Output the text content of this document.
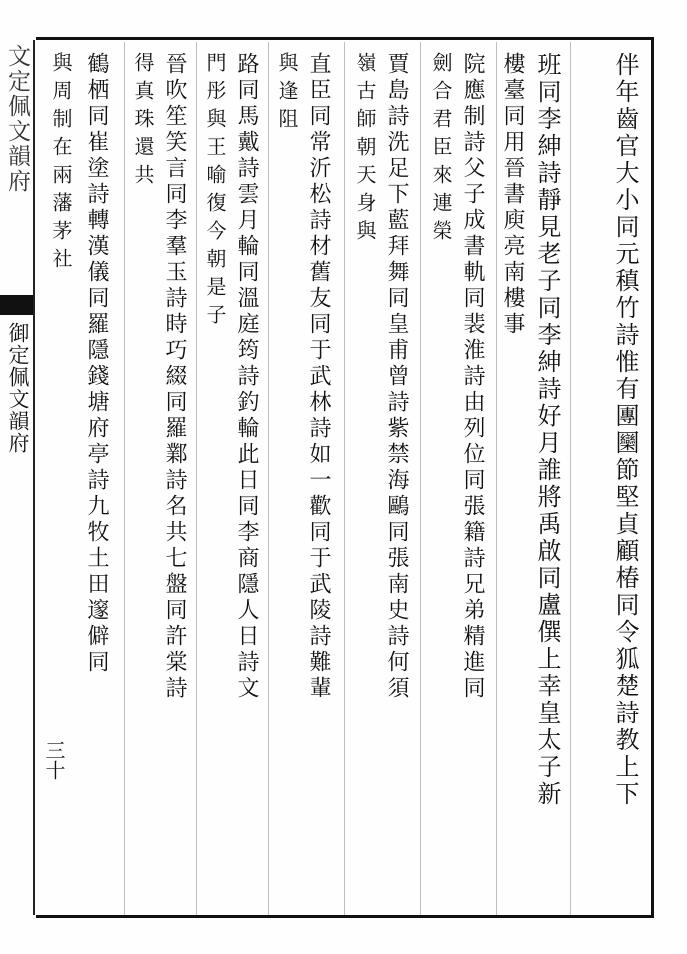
文定佩文韻府
御定佩文韻府
三十	伴年齒官大小同元稹竹詩惟有團圞節堅貞顧椿同令狐楚詩教上下
班同李紳詩靜見老子同李紳詩好月誰將禹啟同盧僎上幸皇太子新
樓臺同用晉書庾亮南樓事
院應制詩父子成書軌同裴淮詩由列位同張籍詩兄弟精進同
劍合君臣來連榮
賈島詩洗足下藍拜舞同皇甫曾詩紫禁海鷗同張南史詩何須
嶺古師朝天身與
直臣同常沂松詩材舊友同于武林詩如一歡同于武陵詩難輩
與逢阻
路同馬戴詩雲月輪同溫庭筠詩釣輪此日同李商隱人日詩文
門彤與王喻復今朝是子
晉吹笙笑言同李羣玉詩時巧綴同羅鄴詩名共七盤同許棠詩
得真珠還共
鶴栖同崔塗詩轉漢儀同羅隱錢塘府亭詩九牧土田邃僻同
與周制在兩藩茅社
